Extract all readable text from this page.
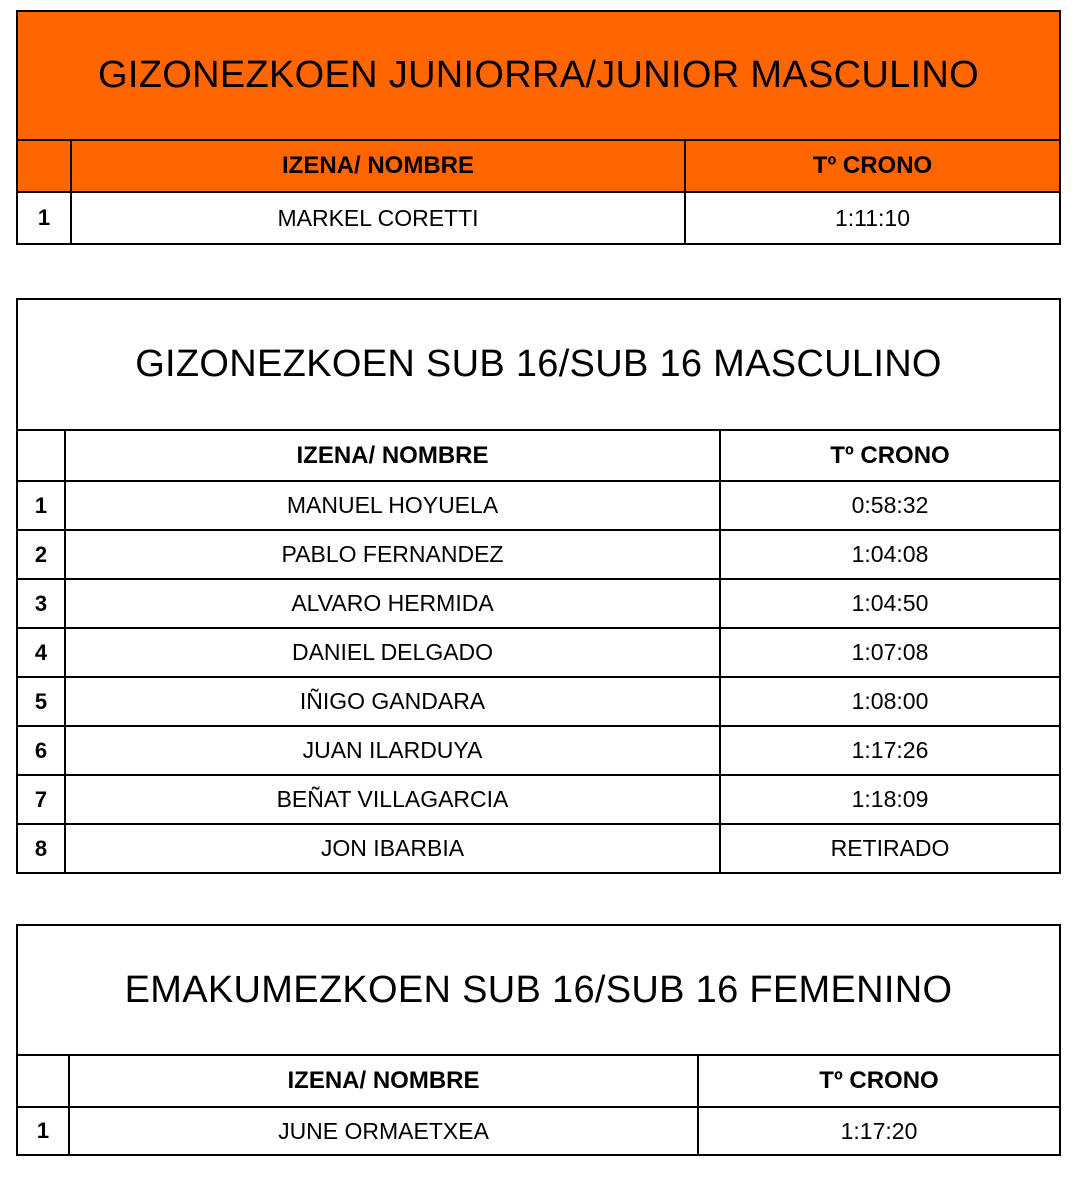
GIZONEZKOEN JUNIORRA/JUNIOR MASCULINO		
	IZENA/ NOMBRE	Tº CRONO
1	MARKEL CORETTI	1:11:10
GIZONEZKOEN SUB 16/SUB 16 MASCULINO		
	IZENA/ NOMBRE	Tº CRONO
1	MANUEL HOYUELA	0:58:32
2	PABLO FERNANDEZ	1:04:08
3	ALVARO HERMIDA	1:04:50
4	DANIEL DELGADO	1:07:08
5	IÑIGO GANDARA	1:08:00
6	JUAN ILARDUYA	1:17:26
7	BEÑAT VILLAGARCIA	1:18:09
8	JON IBARBIA	RETIRADO
EMAKUMEZKOEN SUB 16/SUB 16 FEMENINO		
	IZENA/ NOMBRE	Tº CRONO
1	JUNE ORMAETXEA	1:17:20
